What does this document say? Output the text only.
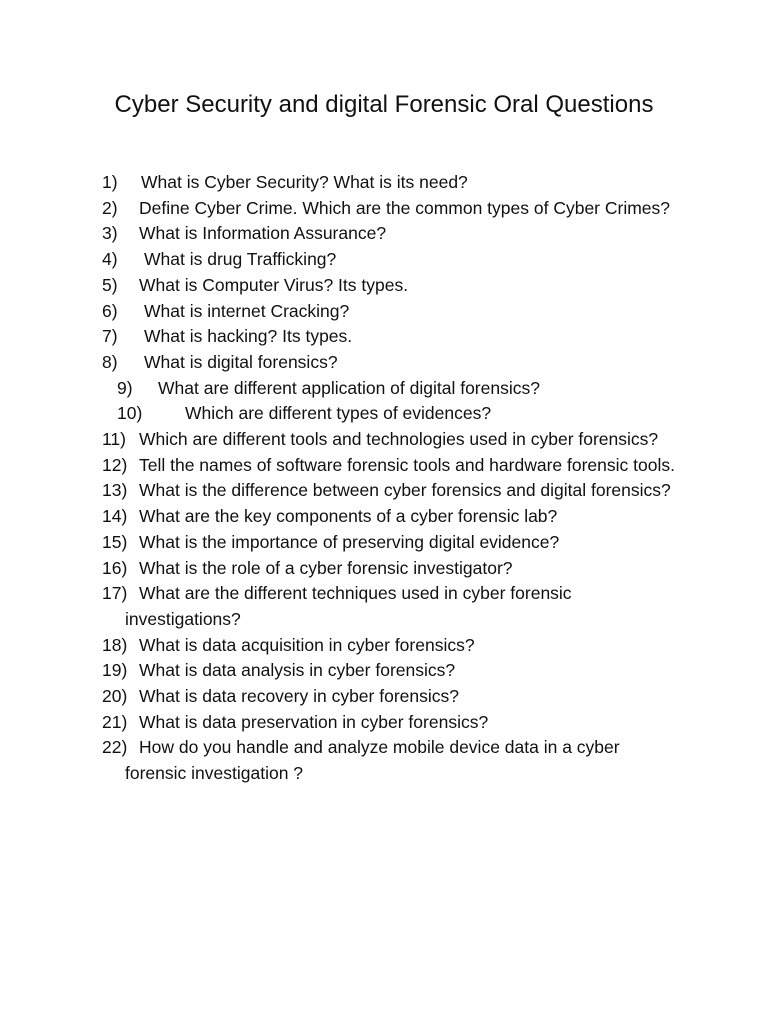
Cyber Security and digital Forensic Oral Questions
1) What is Cyber Security? What is its need?
2)	Define Cyber Crime. Which are the common types of Cyber Crimes?
3) What is Information Assurance?
4) What is drug Trafficking?
5) What is Computer Virus? Its types.
6) What is internet Cracking?
7) What is hacking? Its types.
8) What is digital forensics?
9) What are different application of digital forensics?
10) Which are different types of evidences?
11) Which are different tools and technologies used in cyber forensics?
12) Tell the names of software forensic tools and hardware forensic tools.
13) What is the difference between cyber forensics and digital forensics?
14) What are the key components of a cyber forensic lab?
15) What is the importance of preserving digital evidence?
16) What is the role of a cyber forensic investigator?
17) What are the different techniques used in cyber forensic investigations?
18) What is data acquisition in cyber forensics?
19) What is data analysis in cyber forensics?
20) What is data recovery in cyber forensics?
21) What is data preservation in cyber forensics?
22) How do you handle and analyze mobile device data in a cyber forensic investigation ?
